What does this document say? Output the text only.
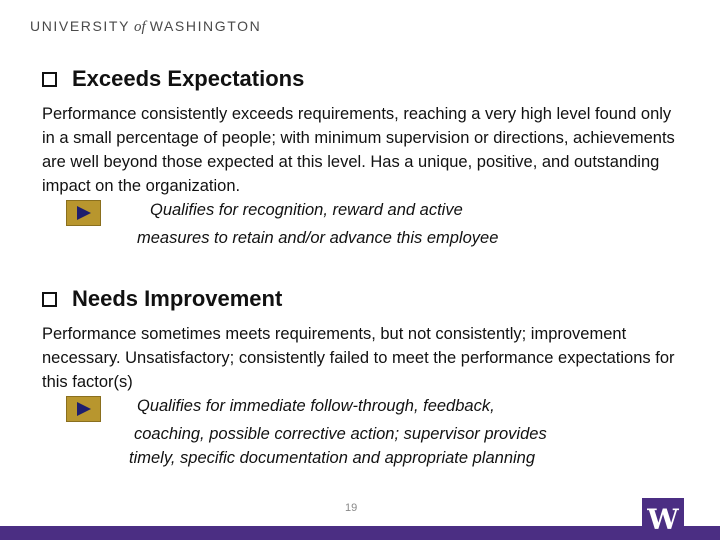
UNIVERSITY of WASHINGTON
Exceeds Expectations
Performance consistently exceeds requirements, reaching a very high level found only in a small percentage of people; with minimum supervision or directions, achievements are well beyond those expected at this level. Has a unique, positive, and outstanding impact on the organization.
Qualifies for recognition, reward and active
measures to retain and/or advance this employee
Needs Improvement
Performance sometimes meets requirements, but not consistently; improvement necessary. Unsatisfactory; consistently failed to meet the performance expectations for this factor(s)
Qualifies for immediate follow-through, feedback,
coaching, possible corrective action; supervisor provides
timely, specific documentation and appropriate planning
19	W
